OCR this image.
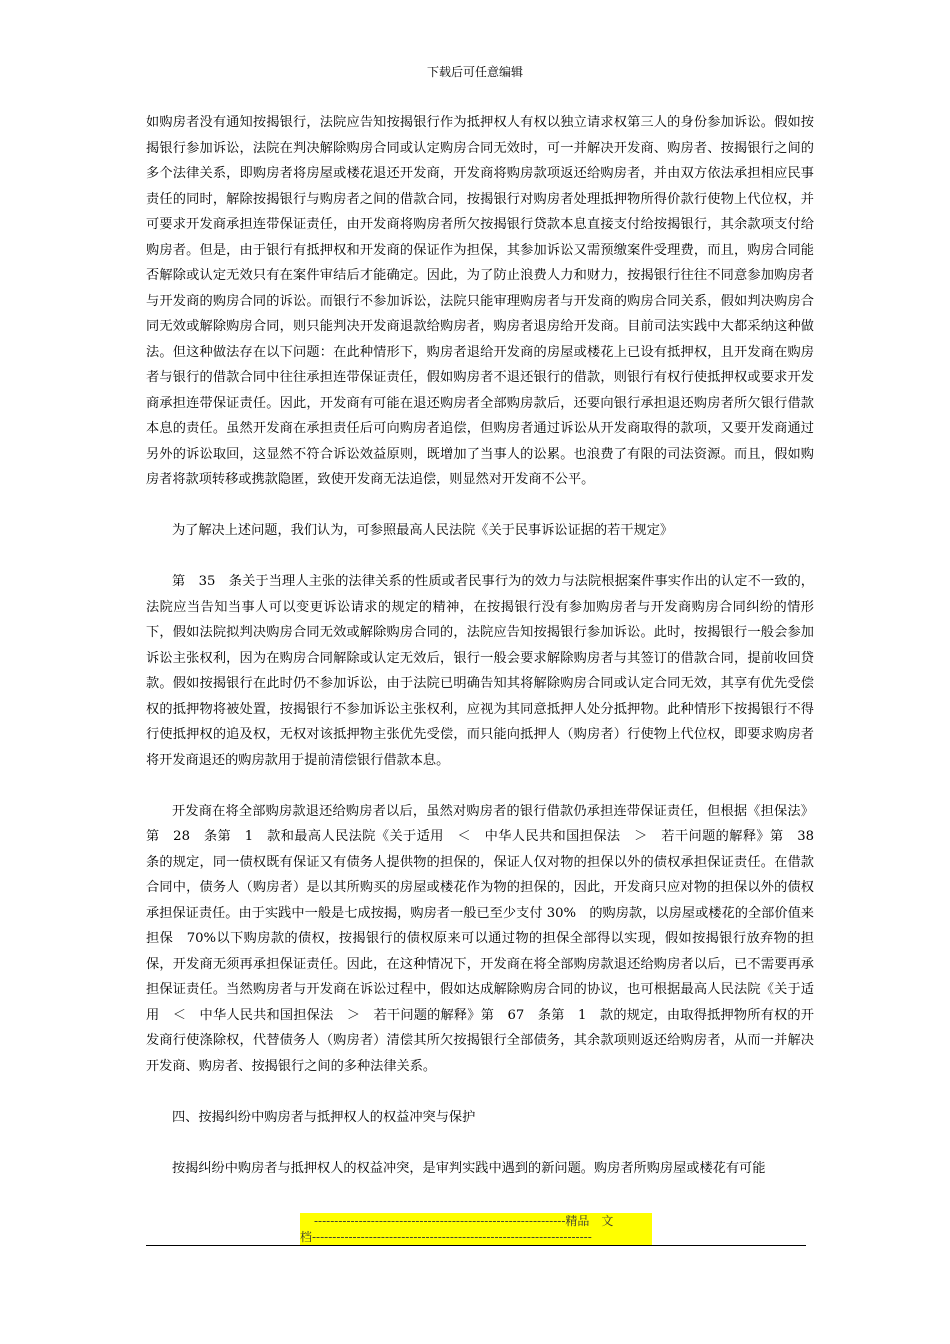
下载后可任意编辑

如购房者没有通知按揭银行，法院应告知按揭银行作为抵押权人有权以独立请求权第三人的身份参加诉讼。假如按揭银行参加诉讼，法院在判决解除购房合同或认定购房合同无效时，可一并解决开发商、购房者、按揭银行之间的多个法律关系，即购房者将房屋或楼花退还开发商，开发商将购房款项返还给购房者，并由双方依法承担相应民事责任的同时，解除按揭银行与购房者之间的借款合同，按揭银行对购房者处理抵押物所得价款行使物上代位权，并可要求开发商承担连带保证责任，由开发商将购房者所欠按揭银行贷款本息直接支付给按揭银行，其余款项支付给购房者。但是，由于银行有抵押权和开发商的保证作为担保，其参加诉讼又需预缴案件受理费，而且，购房合同能否解除或认定无效只有在案件审结后才能确定。因此，为了防止浪费人力和财力，按揭银行往往不同意参加购房者与开发商的购房合同的诉讼。而银行不参加诉讼，法院只能审理购房者与开发商的购房合同关系，假如判决购房合同无效或解除购房合同，则只能判决开发商退款给购房者，购房者退房给开发商。目前司法实践中大都采纳这种做法。但这种做法存在以下问题：在此种情形下，购房者退给开发商的房屋或楼花上已设有抵押权，且开发商在购房者与银行的借款合同中往往承担连带保证责任，假如购房者不退还银行的借款，则银行有权行使抵押权或要求开发商承担连带保证责任。因此，开发商有可能在退还购房者全部购房款后，还要向银行承担退还购房者所欠银行借款本息的责任。虽然开发商在承担责任后可向购房者追偿，但购房者通过诉讼从开发商取得的款项，又要开发商通过另外的诉讼取回，这显然不符合诉讼效益原则，既增加了当事人的讼累。也浪费了有限的司法资源。而且，假如购房者将款项转移或携款隐匿，致使开发商无法追偿，则显然对开发商不公平。

为了解决上述问题，我们认为，可参照最高人民法院《关于民事诉讼证据的若干规定》

第　35　条关于当理人主张的法律关系的性质或者民事行为的效力与法院根据案件事实作出的认定不一致的，法院应当告知当事人可以变更诉讼请求的规定的精神，在按揭银行没有参加购房者与开发商购房合同纠纷的情形下，假如法院拟判决购房合同无效或解除购房合同的，法院应告知按揭银行参加诉讼。此时，按揭银行一般会参加诉讼主张权利，因为在购房合同解除或认定无效后，银行一般会要求解除购房者与其签订的借款合同，提前收回贷款。假如按揭银行在此时仍不参加诉讼，由于法院已明确告知其将解除购房合同或认定合同无效，其享有优先受偿权的抵押物将被处置，按揭银行不参加诉讼主张权利，应视为其同意抵押人处分抵押物。此种情形下按揭银行不得行使抵押权的追及权，无权对该抵押物主张优先受偿，而只能向抵押人（购房者）行使物上代位权，即要求购房者将开发商退还的购房款用于提前清偿银行借款本息。

开发商在将全部购房款退还给购房者以后，虽然对购房者的银行借款仍承担连带保证责任，但根据《担保法》第　28　条第　1　款和最高人民法院《关于适用　＜　中华人民共和国担保法　＞　若干问题的解释》第　38　条的规定，同一债权既有保证又有债务人提供物的担保的，保证人仅对物的担保以外的债权承担保证责任。在借款合同中，债务人（购房者）是以其所购买的房屋或楼花作为物的担保的，因此，开发商只应对物的担保以外的债权承担保证责任。由于实践中一般是七成按揭，购房者一般已至少支付 30%　的购房款，以房屋或楼花的全部价值来担保　70%以下购房款的债权，按揭银行的债权原来可以通过物的担保全部得以实现，假如按揭银行放弃物的担保，开发商无须再承担保证责任。因此，在这种情况下，开发商在将全部购房款退还给购房者以后，已不需要再承担保证责任。当然购房者与开发商在诉讼过程中，假如达成解除购房合同的协议，也可根据最高人民法院《关于适用　＜　中华人民共和国担保法　＞　若干问题的解释》第　67　条第　1　款的规定，由取得抵押物所有权的开发商行使涤除权，代替债务人（购房者）清偿其所欠按揭银行全部债务，其余款项则返还给购房者，从而一并解决开发商、购房者、按揭银行之间的多种法律关系。

四、按揭纠纷中购房者与抵押权人的权益冲突与保护

按揭纠纷中购房者与抵押权人的权益冲突，是审判实践中遇到的新问题。购房者所购房屋或楼花有可能

--------------------------------------------------------------精品　文
档---------------------------------------------------------------------
